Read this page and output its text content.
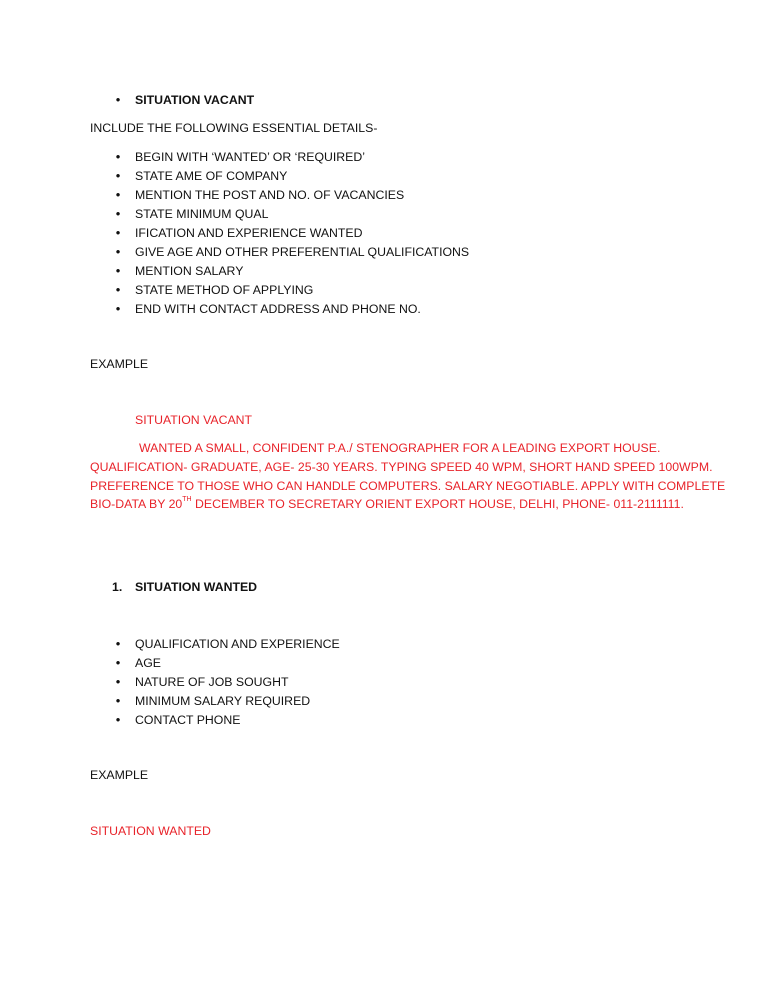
•
SITUATION VACANT
INCLUDE THE FOLLOWING ESSENTIAL DETAILS-
•
BEGIN WITH ‘WANTED’ OR ‘REQUIRED’
•
STATE AME OF COMPANY
•
MENTION THE POST AND NO. OF VACANCIES
•
STATE MINIMUM QUAL
•
IFICATION AND EXPERIENCE WANTED
•
GIVE AGE AND OTHER PREFERENTIAL QUALIFICATIONS
•
MENTION SALARY
•
STATE METHOD OF APPLYING
•
END WITH CONTACT ADDRESS AND PHONE NO.
EXAMPLE
SITUATION VACANT
WANTED A SMALL, CONFIDENT P.A./ STENOGRAPHER FOR A LEADING EXPORT HOUSE.
QUALIFICATION- GRADUATE, AGE- 25-30 YEARS. TYPING SPEED 40 WPM, SHORT HAND SPEED 100WPM.
PREFERENCE TO THOSE WHO CAN HANDLE COMPUTERS. SALARY NEGOTIABLE. APPLY WITH COMPLETE
BIO-DATA BY 20TH DECEMBER TO SECRETARY ORIENT EXPORT HOUSE, DELHI, PHONE- 011-2111111.
1. SITUATION WANTED
•
QUALIFICATION AND EXPERIENCE
•
AGE
•
NATURE OF JOB SOUGHT
•
MINIMUM SALARY REQUIRED
•
CONTACT PHONE
EXAMPLE
SITUATION WANTED
